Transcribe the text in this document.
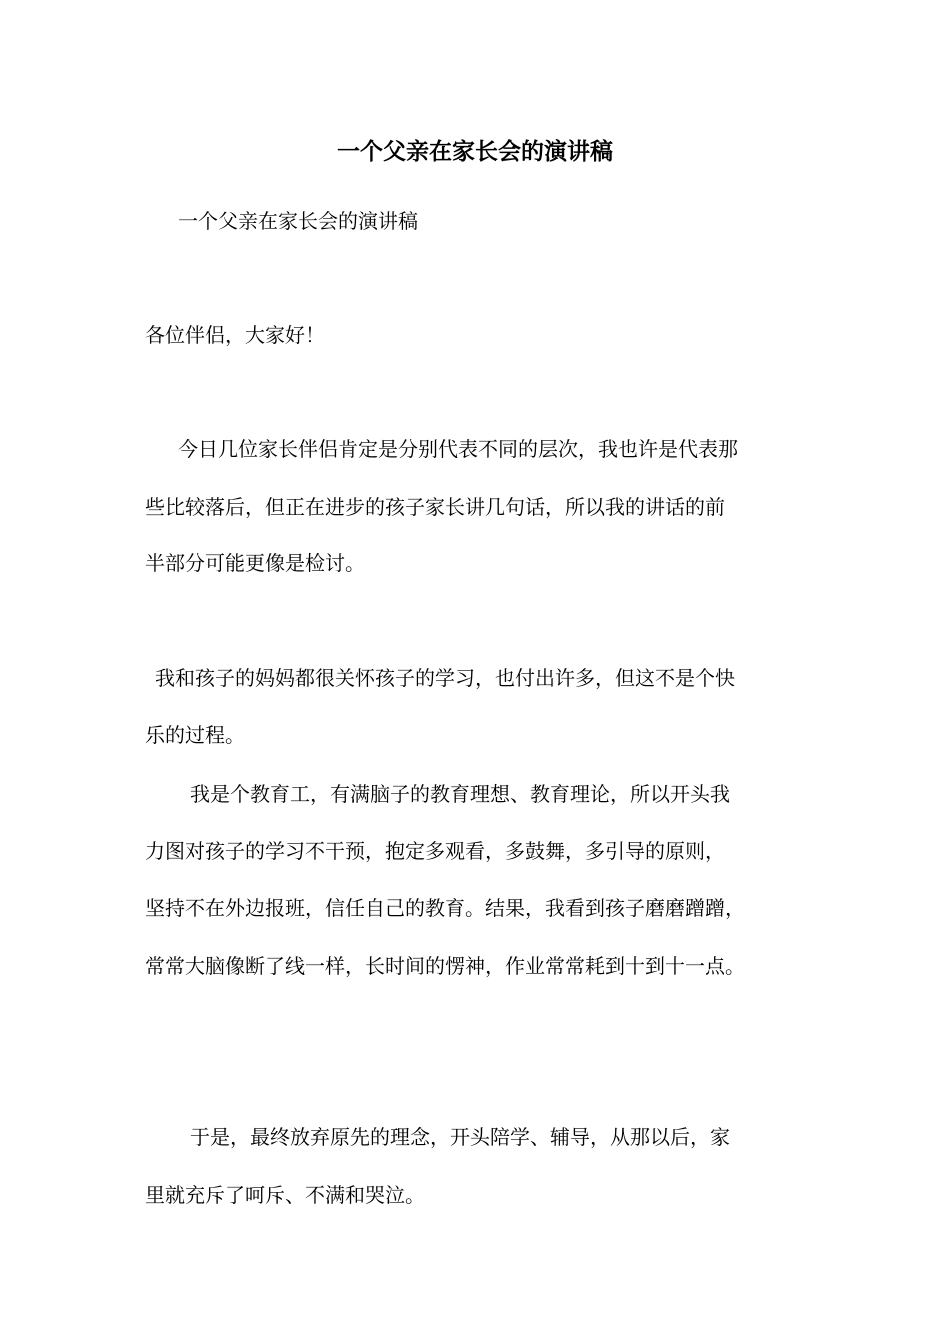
一个父亲在家长会的演讲稿
一个父亲在家长会的演讲稿
各位伴侣，大家好！
今日几位家长伴侣肯定是分别代表不同的层次，我也许是代表那
些比较落后，但正在进步的孩子家长讲几句话，所以我的讲话的前
半部分可能更像是检讨。
我和孩子的妈妈都很关怀孩子的学习，也付出许多，但这不是个快
乐的过程。
我是个教育工，有满脑子的教育理想、教育理论，所以开头我
力图对孩子的学习不干预，抱定多观看，多鼓舞，多引导的原则，
坚持不在外边报班，信任自己的教育。结果，我看到孩子磨磨蹭蹭，
常常大脑像断了线一样，长时间的愣神，作业常常耗到十到十一点。
于是，最终放弃原先的理念，开头陪学、辅导，从那以后，家
里就充斥了呵斥、不满和哭泣。
